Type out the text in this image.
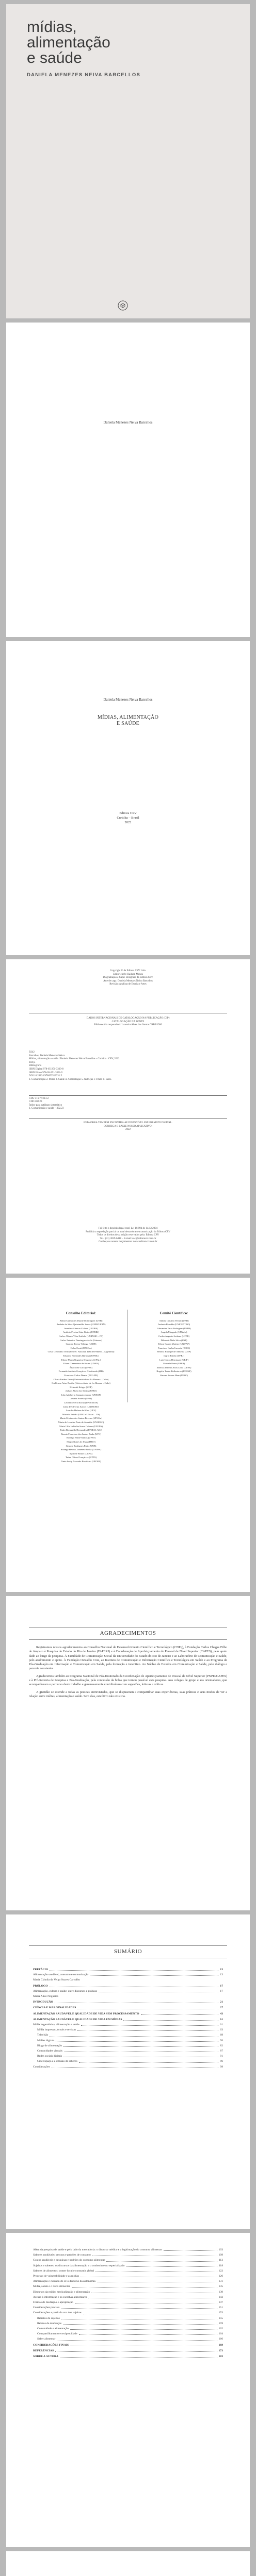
mídias,
alimentação
e saúde
DANIELA MENEZES NEIVA BARCELLOS
Daniela Menezes Neiva Barcellos
Daniela Menezes Neiva Barcellos
MÍDIAS, ALIMENTAÇÃO
E SAÚDE
Editora CRV
Curitiba – Brasil
2022
Copyright © da Editora CRV Ltda.
Editor-chefe: Railson Moura
Diagramação e Capa: Designers da Editora CRV
Arte de capa: Daniela Menezes Neiva Barcellos
Revisão: Analista de Escrita e Artes
DADOS INTERNACIONAIS DE CATALOGAÇÃO NA PUBLICAÇÃO (CIP)
CATALOGAÇÃO NA FONTE
Bibliotecária responsável: Luzenira Alves dos Santos CRB9/1506
B242
Barcellos, Daniela Menezes Neiva
Mídias, alimentação e saúde / Daniela Menezes Neiva Barcellos – Curitiba : CRV, 2022.
184 p.
Bibliografia
ISBN Digital 978-65-251-3330-8
ISBN Físico 978-65-251-3331-5
DOI 10.24824/978652513331.5
1. Comunicação 2. Mídia 3. Saúde 4. Alimentação 5. Nutrição I. Título II. Série.
CDU 316.77:613.2
CDD 302.23
Índice para catálogo sistemático
1. Comunicação e saúde – 302.23
ESTA OBRA TAMBÉM ENCONTRA-SE DISPONÍVEL EM FORMATO DIGITAL.
CONHEÇA E BAIXE NOSSO APLICATIVO!
2022
Foi feito o depósito legal conf. Lei 10.994 de 14/12/2004
Proibida a reprodução parcial ou total desta obra sem autorização da Editora CRV
Todos os direitos desta edição reservados pela: Editora CRV
Tel.: (41) 3039-6418 – E-mail: sac@editoracrv.com.br
Conheça os nossos lançamentos: www.editoracrv.com.br
Conselho Editorial:
Aldira Guimarães Duarte Domínguez (UNB)
Andréia da Silva Quintanilha Sousa (UNIR/UFRN)
Anselmo Alencar Colares (UFOPA)
Antônio Pereira Gaio Júnior (UFRRJ)
Carlos Alberto Vilar Estêvão (UMINHO – PT)
Carlos Federico Dominguez Avila (Unieuro)
Carmen Tereza Velanga (UNIR)
Celso Conti (UFSCar)
Cesar Gerónimo Tello (Univer. Nacional Três de Febrero – Argentina)
Eduardo Fernandes Barbosa (UFMG)
Elione Maria Nogueira Diogenes (UFAL)
Elizeu Clementino de Souza (UNEB)
Élsio José Corá (UFFS)
Fernando Antônio Gonçalves Alcoforado (IPB)
Francisco Carlos Duarte (PUC-PR)
Gloria Fariñas León (Universidade de La Havana – Cuba)
Guillermo Arias Beatón (Universidade de La Havana – Cuba)
Helmuth Krüger (UCP)
Jailson Alves dos Santos (UFRJ)
João Adalberto Campato Junior (UNESP)
Josania Portela (UFPI)
Leonel Severo Rocha (UNISINOS)
Lídia de Oliveira Xavier (UNIEURO)
Lourdes Helena da Silva (UFV)
Marcelo Paixão (UFRJ e UTexas – US)
Maria Cristina dos Santos Bezerra (UFSCar)
Maria de Lourdes Pinto de Almeida (UNOESC)
Maria Lília Imbiriba Sousa Colares (UFOPA)
Paulo Romualdo Hernandes (UNIFAL-MG)
Renato Francisco dos Santos Paula (UFG)
Rodrigo Pratte-Santos (UFES)
Sérgio Nunes de Jesus (IFRO)
Simone Rodrigues Pinto (UNB)
Solange Helena Ximenes-Rocha (UFOPA)
Sydione Santos (UEPG)
Tadeu Oliver Gonçalves (UFPA)
Tania Suely Azevedo Brasileiro (UFOPA)
Comitê Científico:
Andrea Cristina Versuti (UNB)
Andreia Brandão (UNICENTRO)
Alexandre Faria Rodrigues (UFPB)
Ângela Morgado (UMinho)
Carlos Augusto Serbena (UFPR)
Dilma de Melo Silva (USP)
Edson Soares Martins (UNIFAP)
Francisco Carlos Lacerda (ESCS)
Heloísa Buarque de Almeida (USP)
Ingrid Paixão (UFRJ)
Luiz Carlos Henriques (UFJF)
Marcela Perez (UFPR)
Marcus Antônio Assis Lima (UFSE)
Rogério Tadeu Ballesteros (UNESP)
Simone Soares Haas (UFSC)
AGRADECIMENTOS

Registramos nossos agradecimentos ao Conselho Nacional de Desenvolvimento Científico e Tecnológico (CNPq), à Fundação Carlos Chagas Filho de Amparo à Pesquisa do Estado do Rio de Janeiro (FAPERJ) e à Coordenação de Aperfeiçoamento de Pessoal de Nível Superior (CAPES), pelo apoio dado ao longo da pesquisa. À Faculdade de Comunicação Social da Universidade do Estado do Rio de Janeiro e ao Laboratório de Comunicação e Saúde, pelo acolhimento e apoio. À Fundação Oswaldo Cruz, ao Instituto de Comunicação e Informação Científica e Tecnológica em Saúde e ao Programa de Pós-Graduação em Informação e Comunicação em Saúde, pela formação e incentivo. Ao Núcleo de Estudos em Comunicação e Saúde, pelo diálogo e parceria constantes.

Agradecemos também ao Programa Nacional de Pós-Doutorado da Coordenação de Aperfeiçoamento de Pessoal de Nível Superior (PNPD/CAPES) e à Pró-Reitoria de Pesquisa e Pós-Graduação, pela concessão da bolsa que tornou possível esta pesquisa. Aos colegas de grupo e aos orientadores, que acompanharam o percurso deste trabalho e generosamente contribuíram com sugestões, leituras e críticas.

A gratidão se estende a todas as pessoas entrevistadas, que se dispuseram a compartilhar suas experiências, suas práticas e seus modos de ver a relação entre mídias, alimentação e saúde. Sem elas, este livro não existiria.

SUMÁRIO
PREFÁCIO	13
Alimentação saudável, consumo e comunicação	13
Maria Cláudia da Veiga Soares Carvalho
PRÓLOGO	17
Alimentação, cultura e saúde: entre discursos e práticas	17
Maria Alice Nogueira
INTRODUÇÃO	21
CIÊNCIA E MARGINALIDADES	27
ALIMENTAÇÃO SAUDÁVEL E QUALIDADE DE VIDA SEM PROCESSAMENTO	43
ALIMENTAÇÃO SAUDÁVEL E QUALIDADE DE VIDA EM MÍDIAS	61
Mídia hegemônica, alimentação e saúde	61
Mídia impressa: jornais e revistas	63
Televisão	69
Mídias digitais	76
Blogs de alimentação	82
Comunidades virtuais	87
Redes sociais digitais	91
Ciberespaço e a difusão de saberes	96
Considerações	99
Além da pesquisa de saúde e pelo lado da mercadoria: o discurso médico e a legitimação do consumo alimentar	103
Sabores saudáveis: pessoas e padrões de consumo	109
Gostos saudáveis e pesquisas e padrões do consumo alimentar	113
Sujeitos e saberes: os discursos da alimentação e o conhecimento especializado	118
Sabores de alimentos: comer local e consumir global	122
Processo de vulnerabilidade e as mídias	126
Alimentação e cuidado de si: o discurso da autonomia	131
Mídia, saúde e o risco alimentar	135
Discursos da mídia: medicalização e alimentação	139
Acesso à informação e as escolhas alimentares	143
Formas de mediação e apropriação	147
Considerações parciais	151
Considerações a partir da voz dos sujeitos	153
Retratos de sujeitos	155
Relatos de mudanças	159
Comunidade e alimentação	162
Compartilhamento e reciprocidade	164
Saber alimentar	166
CONSIDERAÇÕES FINAIS	169
REFERÊNCIAS	173
SOBRE A AUTORA	183
